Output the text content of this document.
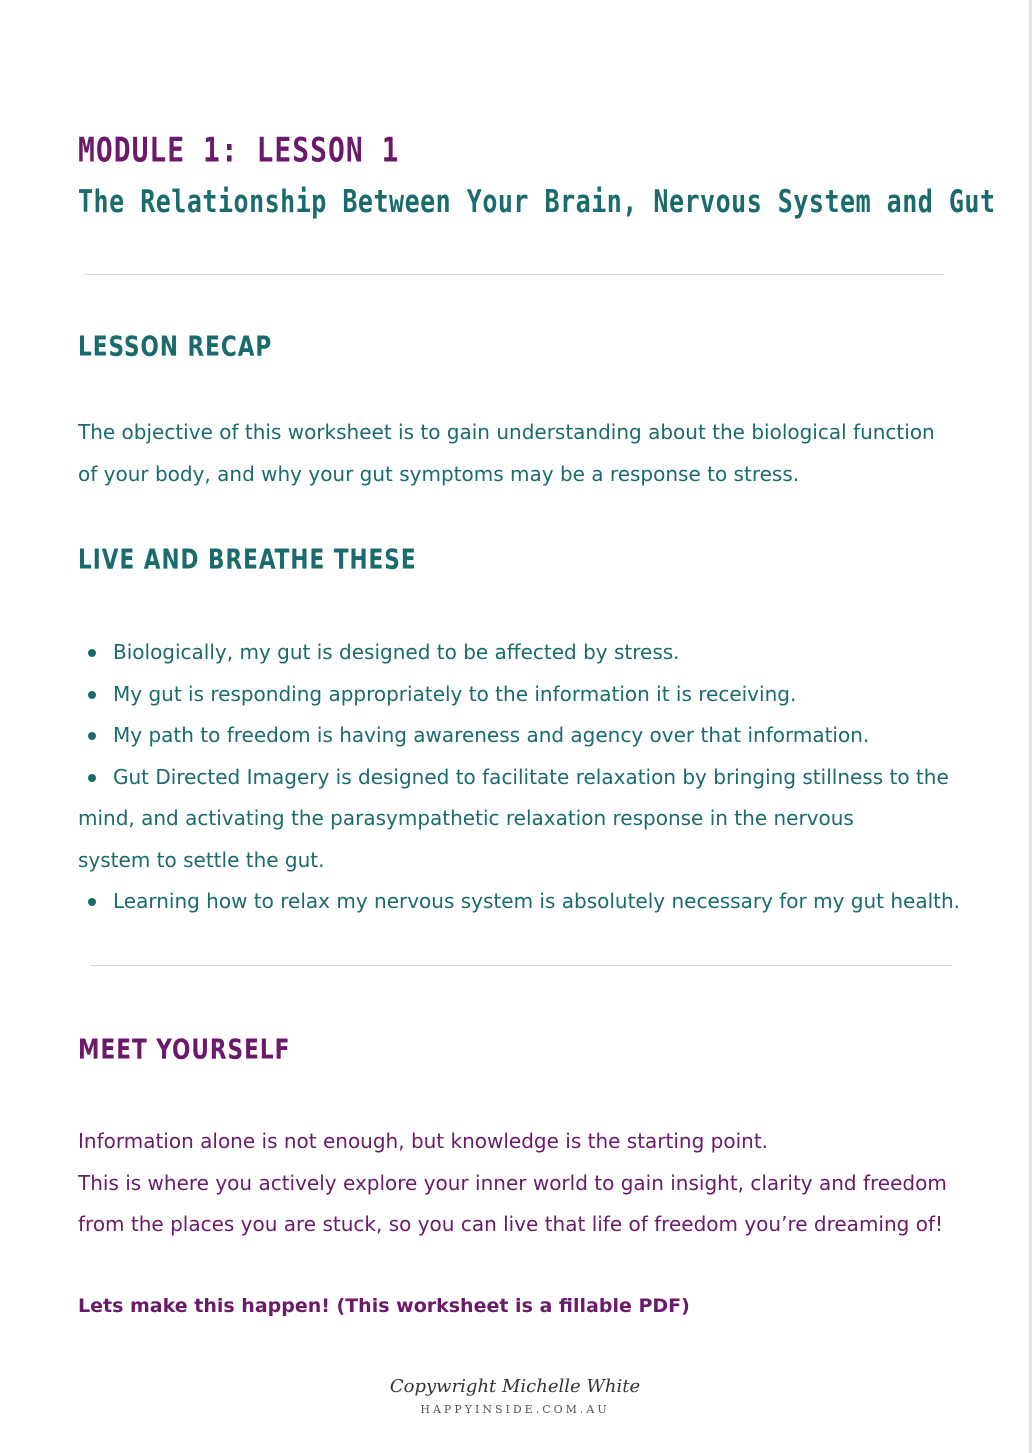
MODULE 1: LESSON 1
The Relationship Between Your Brain, Nervous System and Gut
LESSON RECAP
The objective of this worksheet is to gain understanding about the biological function
of your body, and why your gut symptoms may be a response to stress.
LIVE AND BREATHE THESE
Biologically, my gut is designed to be affected by stress.
My gut is responding appropriately to the information it is receiving.
My path to freedom is having awareness and agency over that information.
Gut Directed Imagery is designed to facilitate relaxation by bringing stillness to the
mind, and activating the parasympathetic relaxation response in the nervous
system to settle the gut.
Learning how to relax my nervous system is absolutely necessary for my gut health.
MEET YOURSELF
Information alone is not enough, but knowledge is the starting point.
This is where you actively explore your inner world to gain insight, clarity and freedom
from the places you are stuck, so you can live that life of freedom you’re dreaming of!
Lets make this happen! (This worksheet is a fillable PDF)
Copywright Michelle White
HAPPYINSIDE.COM.AU
